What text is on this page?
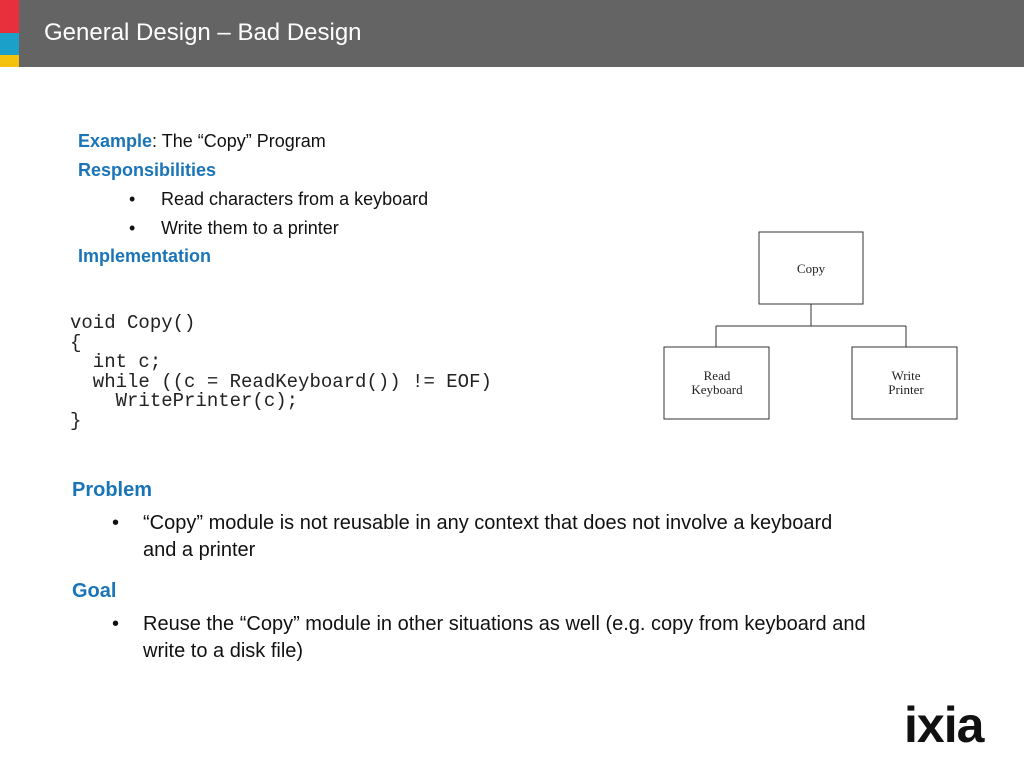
General Design – Bad Design
Example: The “Copy” Program
Responsibilities
• Read characters from a keyboard
• Write them to a printer
Implementation
void Copy()
{
int c;
while ((c = ReadKeyboard()) != EOF)
WritePrinter(c);
}
Copy
Read
Keyboard
Write
Printer
Problem
• “Copy” module is not reusable in any context that does not involve a keyboard
and a printer
Goal
• Reuse the “Copy” module in other situations as well (e.g. copy from keyboard and
write to a disk file)
ixia
